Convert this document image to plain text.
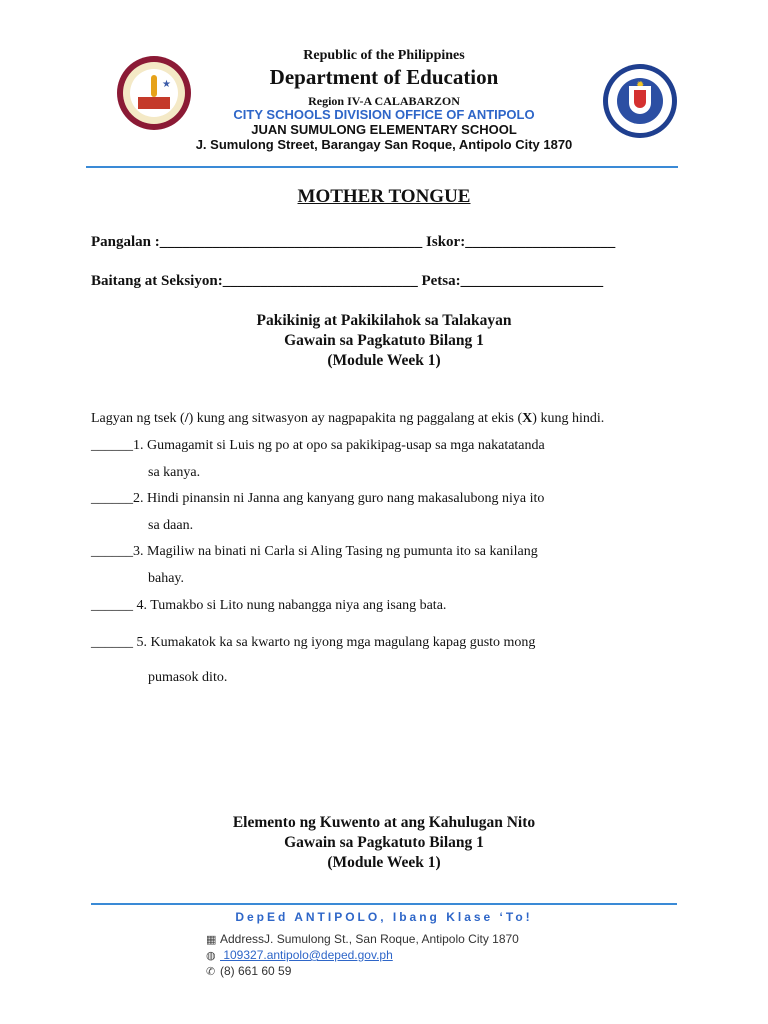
★
Republic of the Philippines
Department of Education
Region IV-A CALABARZON
CITY SCHOOLS DIVISION OFFICE OF ANTIPOLO
JUAN SUMULONG ELEMENTARY SCHOOL
J. Sumulong Street, Barangay San Roque, Antipolo City 1870
MOTHER TONGUE
Pangalan :___________________________________ Iskor:____________________
Baitang at Seksiyon:__________________________ Petsa:___________________
Pakikinig at Pakikilahok sa Talakayan
Gawain sa Pagkatuto Bilang 1
(Module Week 1)
Lagyan ng tsek (/) kung ang sitwasyon ay nagpapakita ng paggalang at ekis (X) kung hindi.
______1. Gumagamit si Luis ng po at opo sa pakikipag-usap sa mga nakatatanda
sa kanya.
______2. Hindi pinansin ni Janna ang kanyang guro nang makasalubong niya ito
sa daan.
______3. Magiliw na binati ni Carla si Aling Tasing ng pumunta ito sa kanilang
bahay.
______ 4. Tumakbo si Lito nung nabangga niya ang isang bata.
______ 5. Kumakatok ka sa kwarto ng iyong mga magulang kapag gusto mong
pumasok dito.
Elemento ng Kuwento at ang Kahulugan Nito
Gawain sa Pagkatuto Bilang 1
(Module Week 1)
DepEd ANTIPOLO, Ibang Klase ‘To!
▦ AddressJ. Sumulong St., San Roque, Antipolo City 1870
◍ 109327.antipolo@deped.gov.ph
✆ (8) 661 60 59
